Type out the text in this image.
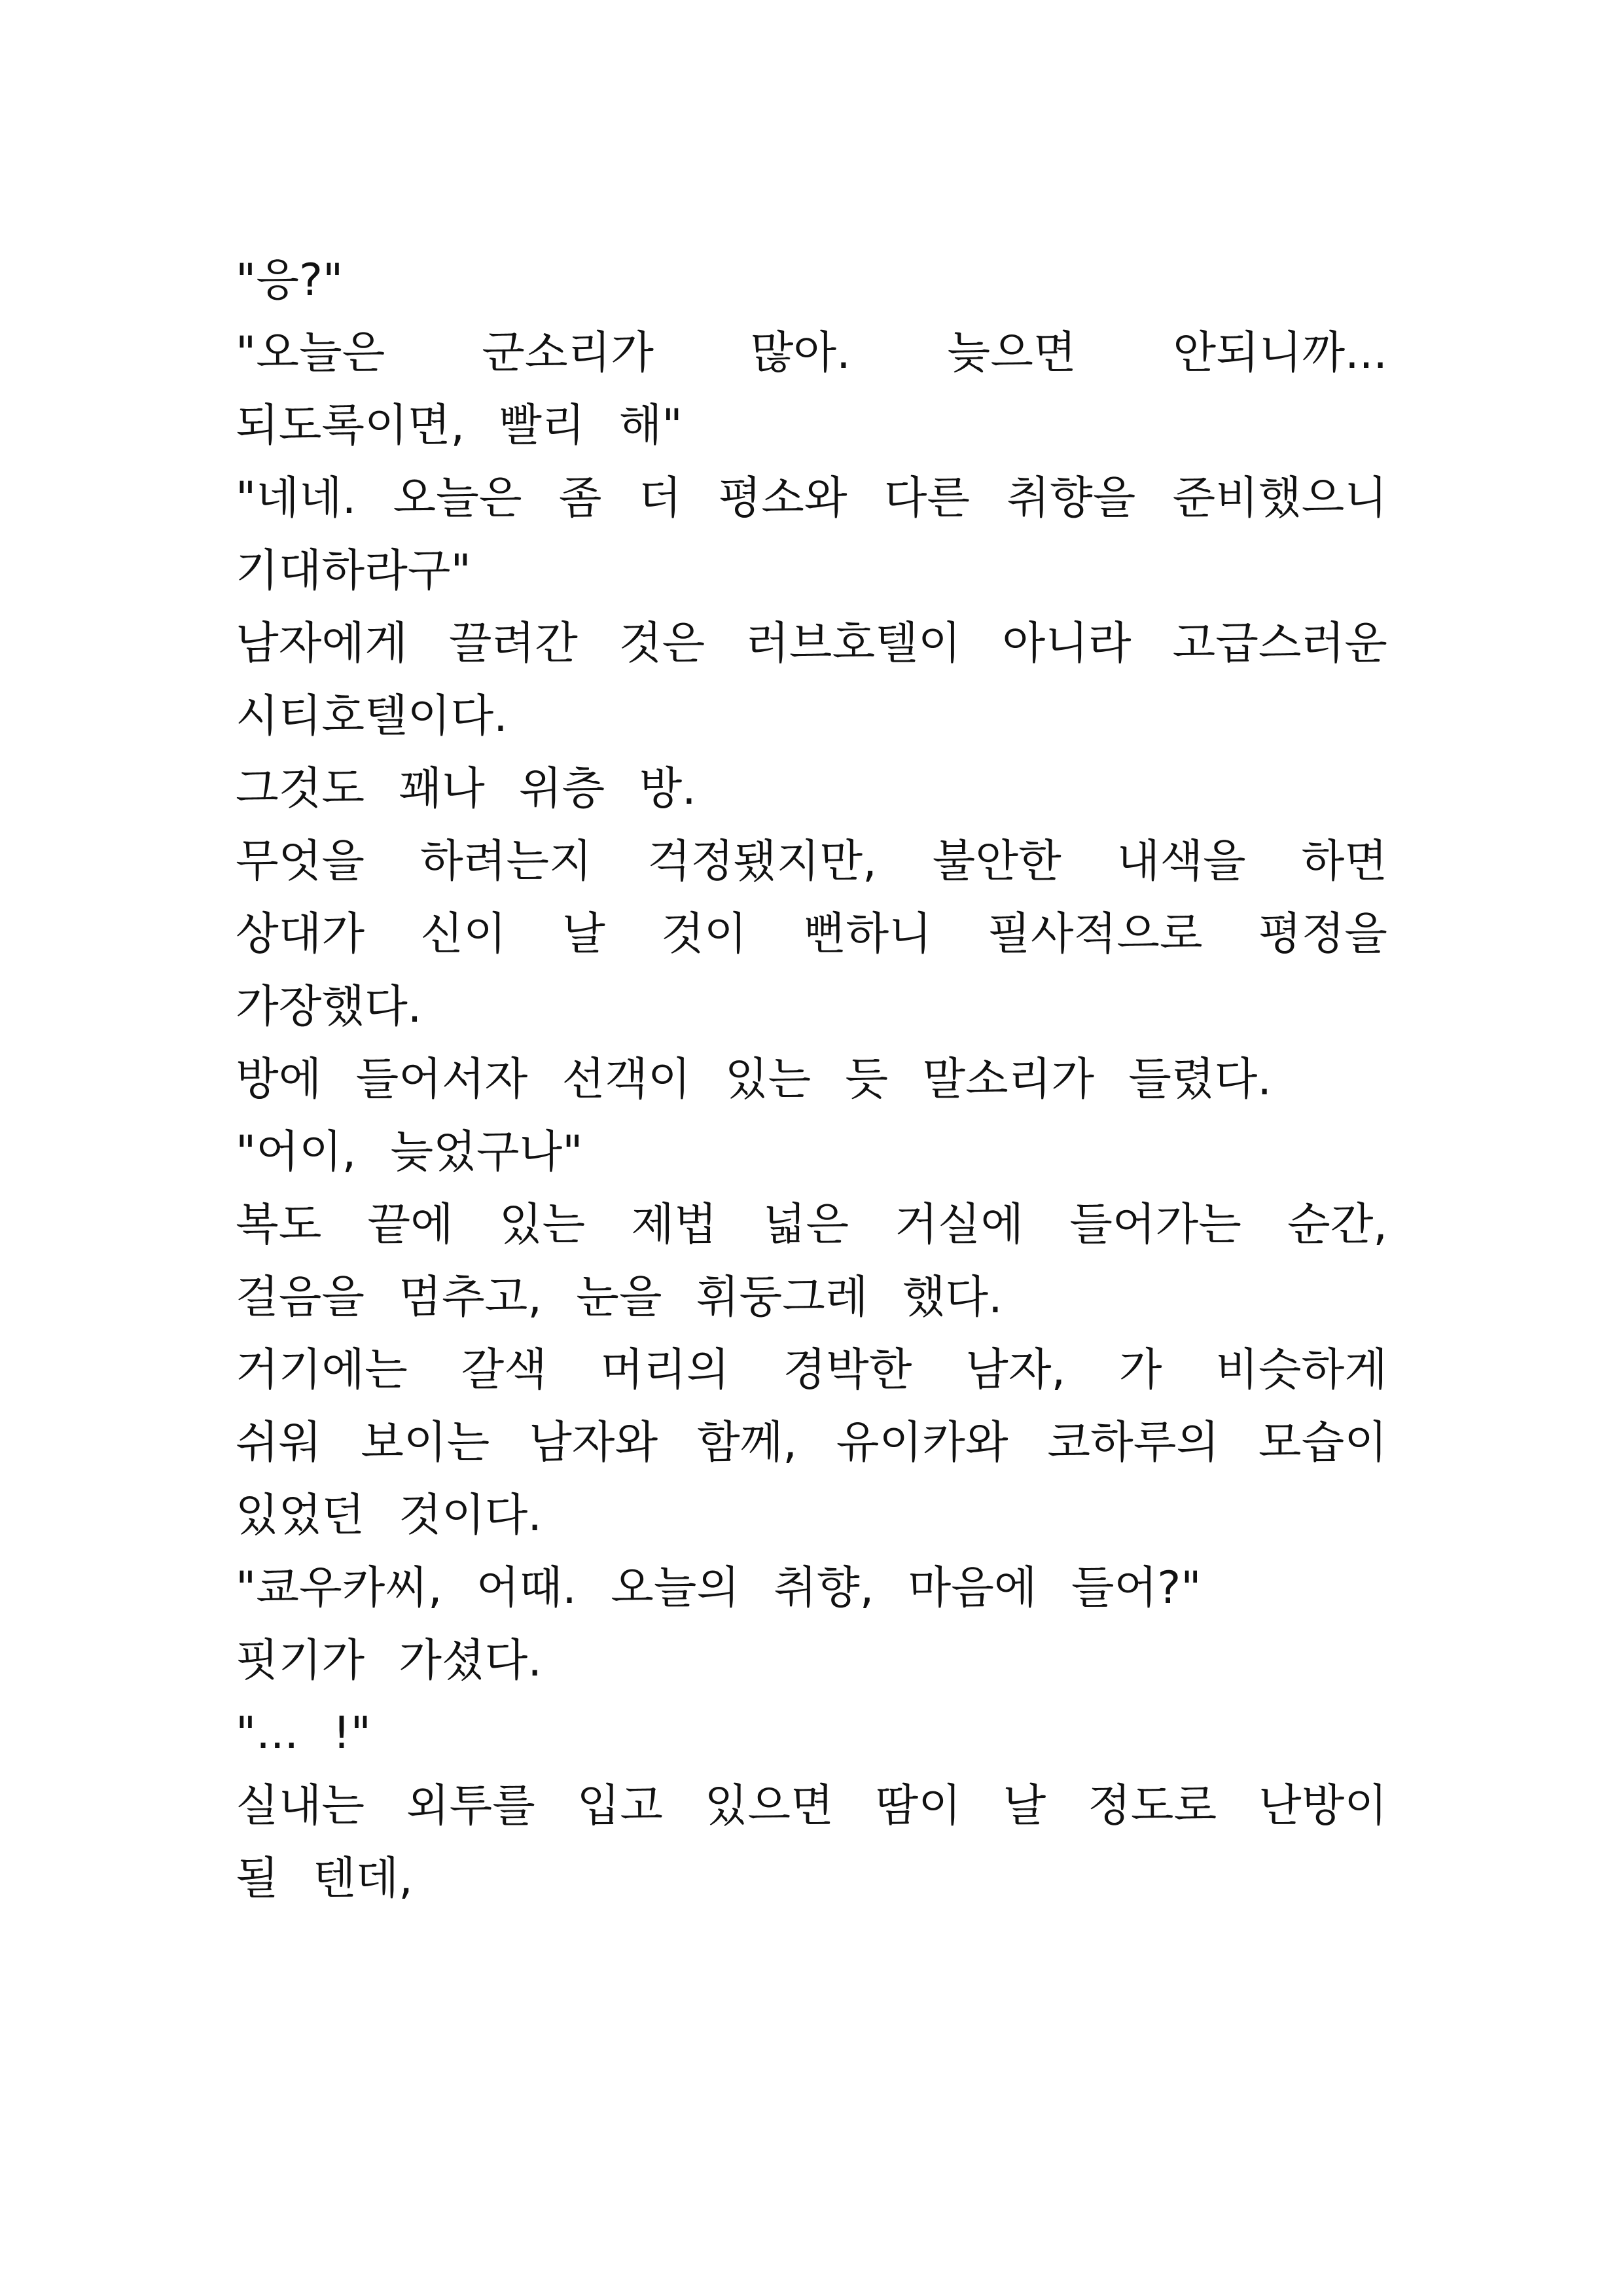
"응?"

"오늘은 군소리가 많아. 늦으면 안되니까... 되도록이면, 빨리 해"

"네네. 오늘은 좀 더 평소와 다른 취향을 준비했으니 기대하라구"

남자에게 끌려간 것은 러브호텔이 아니라 고급스러운 시티호텔이다.

그것도 꽤나 위층 방.

무엇을 하려는지 걱정됐지만, 불안한 내색을 하면 상대가 신이 날 것이 뻔하니 필사적으로 평정을 가장했다.

방에 들어서자 선객이 있는 듯 말소리가 들렸다.

"어이, 늦었구나"

복도 끝에 있는 제법 넓은 거실에 들어가는 순간, 걸음을 멈추고, 눈을 휘둥그레 했다.

거기에는 갈색 머리의 경박한 남자, 가 비슷하게 쉬워 보이는 남자와 함께, 유이카와 코하루의 모습이 있었던 것이다.

"쿄우카씨, 어때. 오늘의 취향, 마음에 들어?"

핏기가 가셨다.

"... !"

실내는 외투를 입고 있으면 땀이 날 정도로 난방이 될 텐데,
